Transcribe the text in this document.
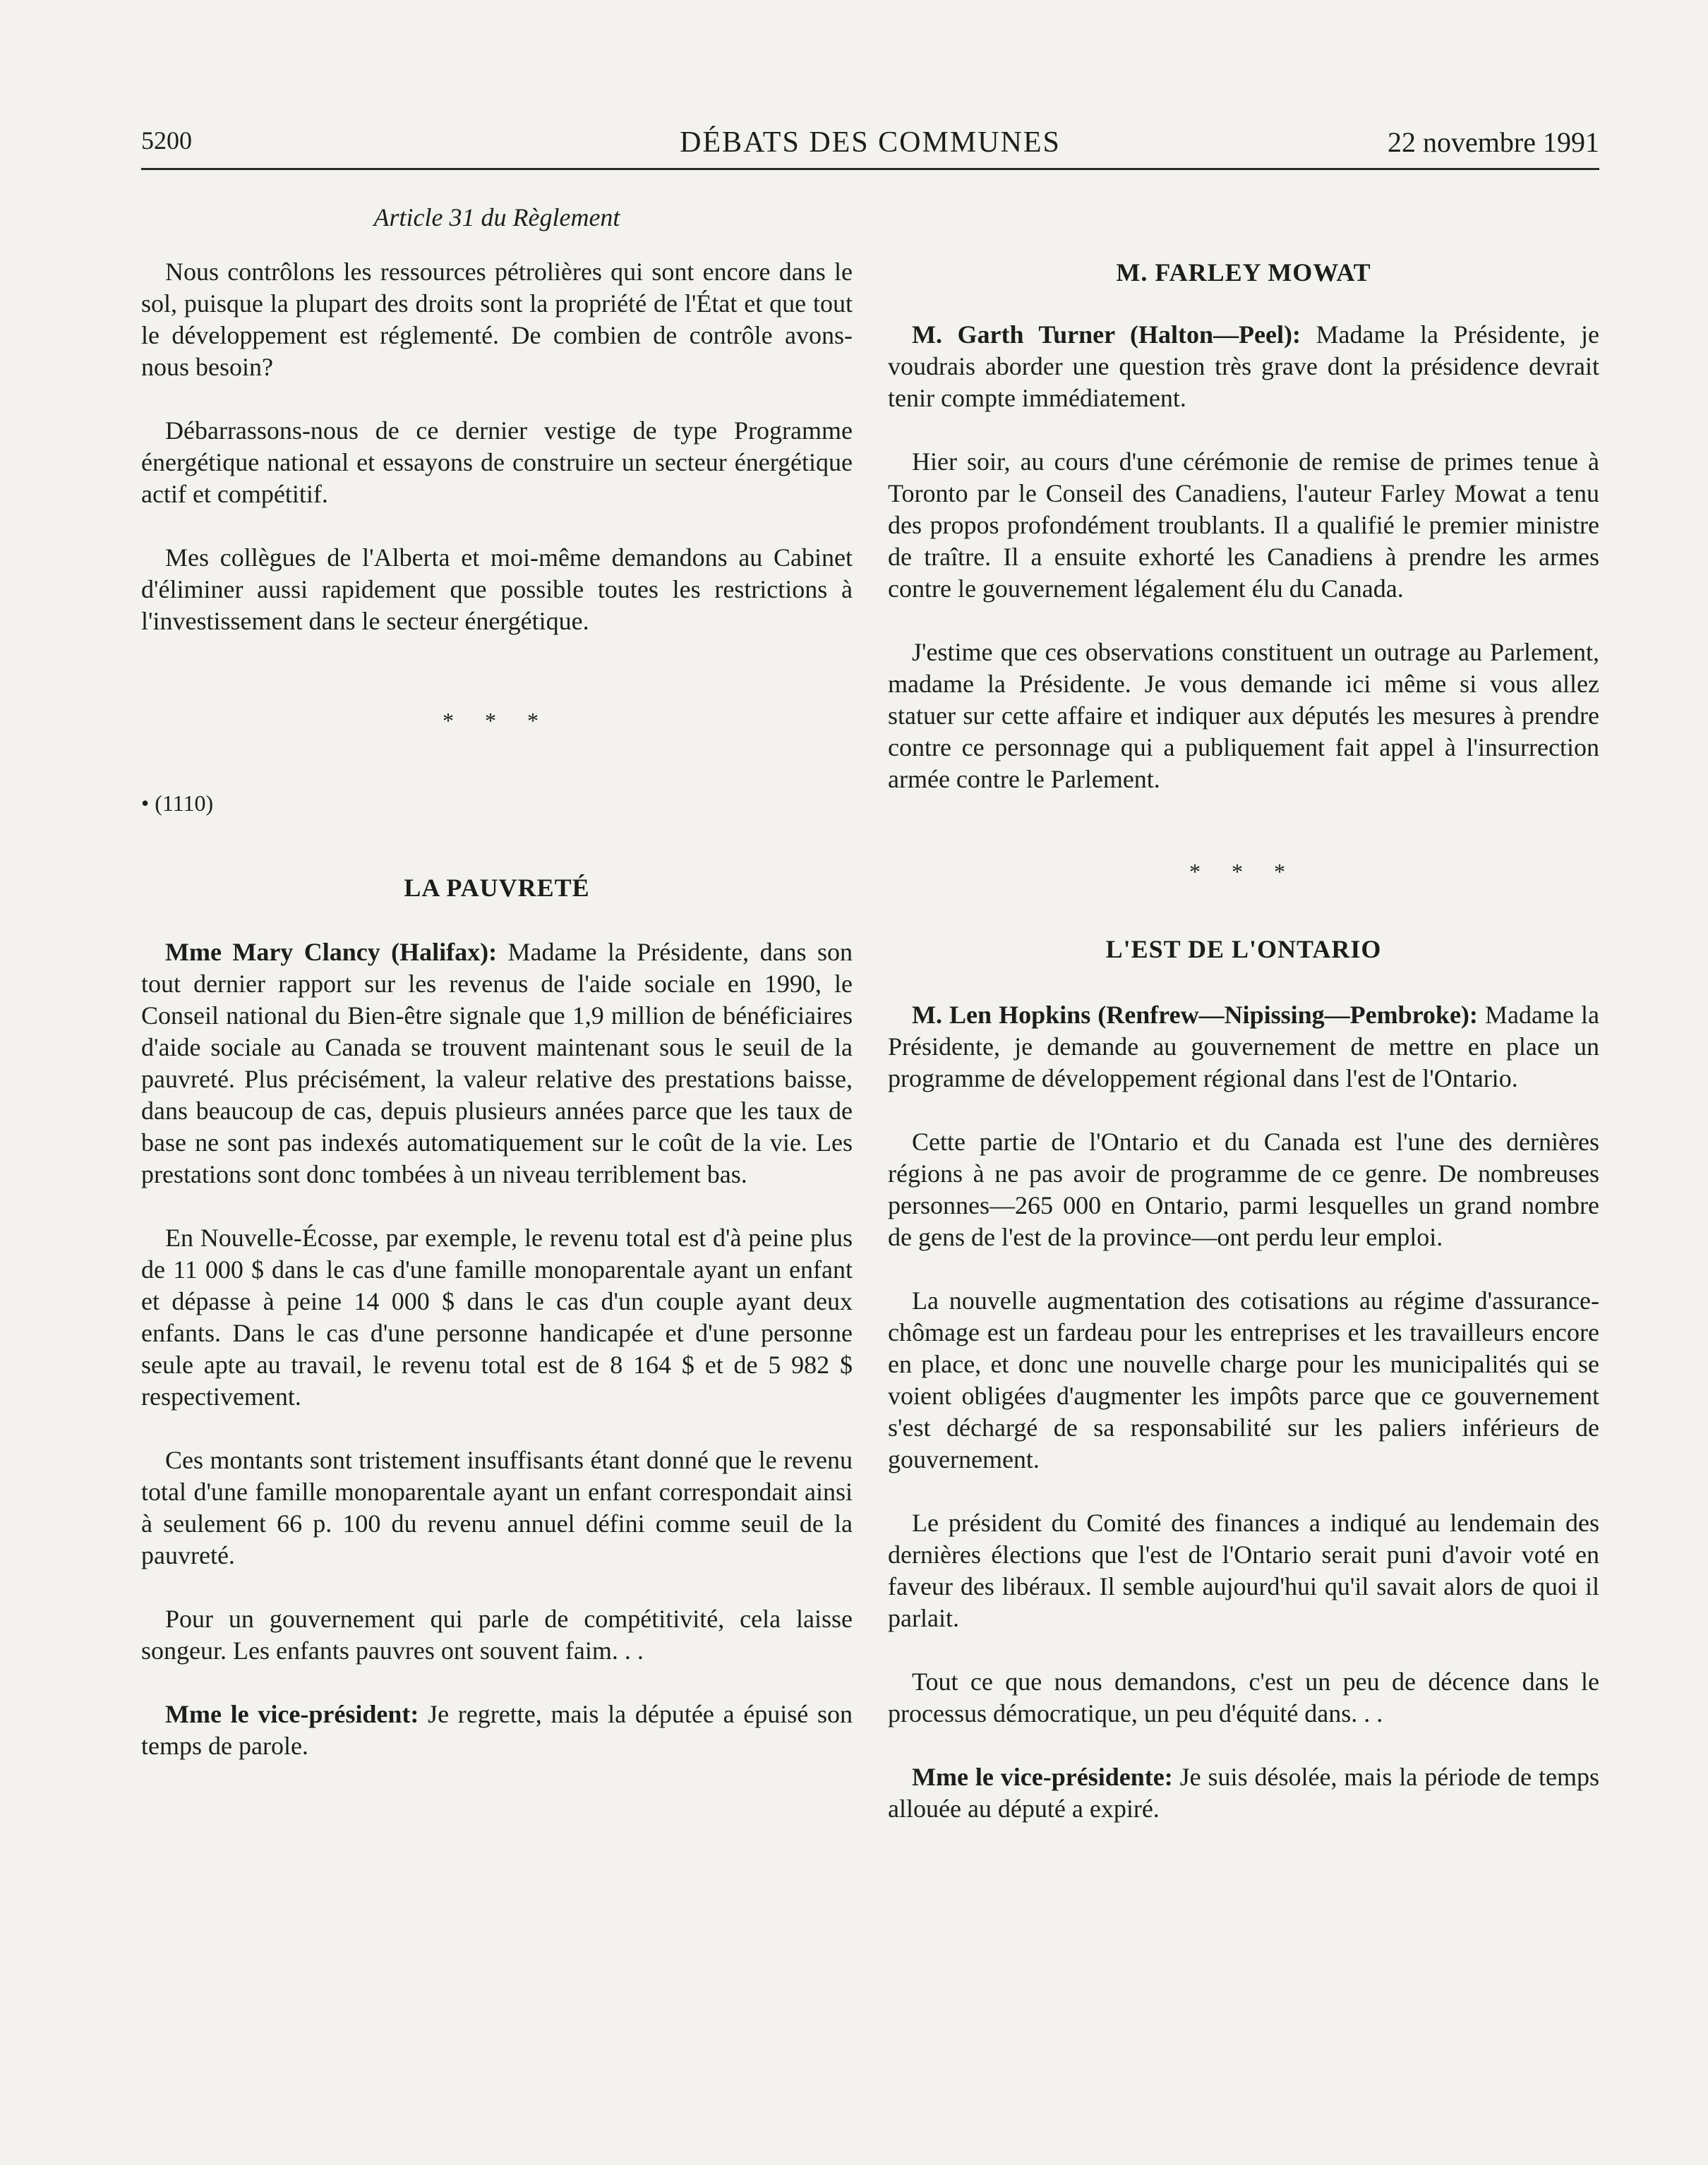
5200	DÉBATS DES COMMUNES	22 novembre 1991
Article 31 du Règlement

Nous contrôlons les ressources pétrolières qui sont encore dans le sol, puisque la plupart des droits sont la propriété de l'État et que tout le développement est réglementé. De combien de contrôle avons-nous besoin?

Débarrassons-nous de ce dernier vestige de type Programme énergétique national et essayons de construire un secteur énergétique actif et compétitif.

Mes collègues de l'Alberta et moi-même demandons au Cabinet d'éliminer aussi rapidement que possible toutes les restrictions à l'investissement dans le secteur énergétique.

* * *
• (1110)
LA PAUVRETÉ

Mme Mary Clancy (Halifax): Madame la Présidente, dans son tout dernier rapport sur les revenus de l'aide sociale en 1990, le Conseil national du Bien-être signale que 1,9 million de bénéficiaires d'aide sociale au Canada se trouvent maintenant sous le seuil de la pauvreté. Plus précisément, la valeur relative des prestations baisse, dans beaucoup de cas, depuis plusieurs années parce que les taux de base ne sont pas indexés automatiquement sur le coût de la vie. Les prestations sont donc tombées à un niveau terriblement bas.

En Nouvelle-Écosse, par exemple, le revenu total est d'à peine plus de 11 000 $ dans le cas d'une famille monoparentale ayant un enfant et dépasse à peine 14 000 $ dans le cas d'un couple ayant deux enfants. Dans le cas d'une personne handicapée et d'une personne seule apte au travail, le revenu total est de 8 164 $ et de 5 982 $ respectivement.

Ces montants sont tristement insuffisants étant donné que le revenu total d'une famille monoparentale ayant un enfant correspondait ainsi à seulement 66 p. 100 du revenu annuel défini comme seuil de la pauvreté.

Pour un gouvernement qui parle de compétitivité, cela laisse songeur. Les enfants pauvres ont souvent faim. . .

Mme le vice-président: Je regrette, mais la députée a épuisé son temps de parole.

M. FARLEY MOWAT

M. Garth Turner (Halton—Peel): Madame la Présidente, je voudrais aborder une question très grave dont la présidence devrait tenir compte immédiatement.

Hier soir, au cours d'une cérémonie de remise de primes tenue à Toronto par le Conseil des Canadiens, l'auteur Farley Mowat a tenu des propos profondément troublants. Il a qualifié le premier ministre de traître. Il a ensuite exhorté les Canadiens à prendre les armes contre le gouvernement légalement élu du Canada.

J'estime que ces observations constituent un outrage au Parlement, madame la Présidente. Je vous demande ici même si vous allez statuer sur cette affaire et indiquer aux députés les mesures à prendre contre ce personnage qui a publiquement fait appel à l'insurrection armée contre le Parlement.

* * *
L'EST DE L'ONTARIO

M. Len Hopkins (Renfrew—Nipissing—Pembroke): Madame la Présidente, je demande au gouvernement de mettre en place un programme de développement régional dans l'est de l'Ontario.

Cette partie de l'Ontario et du Canada est l'une des dernières régions à ne pas avoir de programme de ce genre. De nombreuses personnes—265 000 en Ontario, parmi lesquelles un grand nombre de gens de l'est de la province—ont perdu leur emploi.

La nouvelle augmentation des cotisations au régime d'assurance-chômage est un fardeau pour les entreprises et les travailleurs encore en place, et donc une nouvelle charge pour les municipalités qui se voient obligées d'augmenter les impôts parce que ce gouvernement s'est déchargé de sa responsabilité sur les paliers inférieurs de gouvernement.

Le président du Comité des finances a indiqué au lendemain des dernières élections que l'est de l'Ontario serait puni d'avoir voté en faveur des libéraux. Il semble aujourd'hui qu'il savait alors de quoi il parlait.

Tout ce que nous demandons, c'est un peu de décence dans le processus démocratique, un peu d'équité dans. . .

Mme le vice-présidente: Je suis désolée, mais la période de temps allouée au député a expiré.
